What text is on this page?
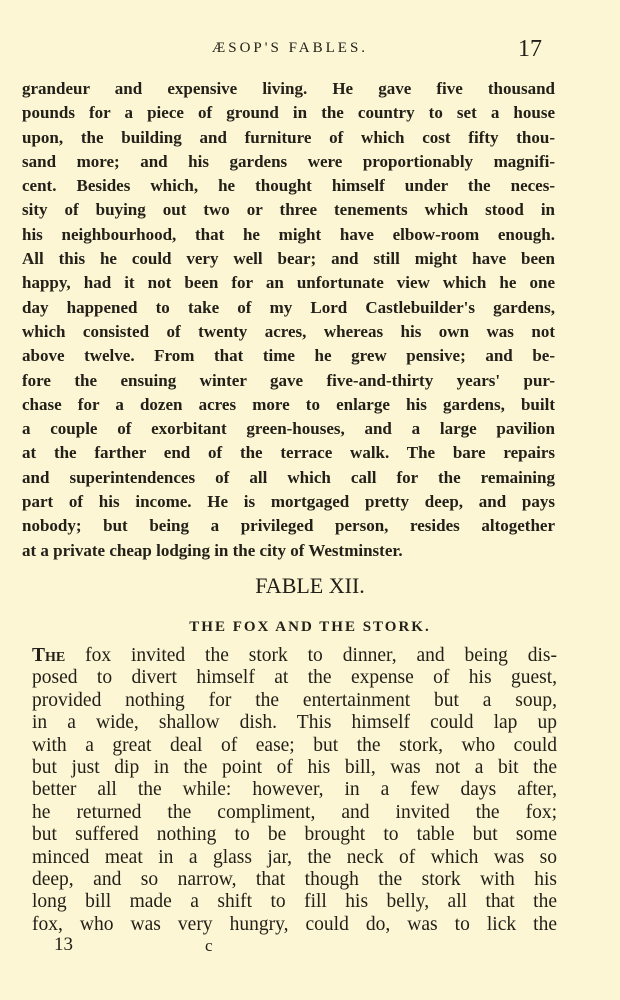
ÆSOP'S FABLES.	17
grandeur and expensive living. He gave five thousand
pounds for a piece of ground in the country to set a house
upon, the building and furniture of which cost fifty thou-
sand more; and his gardens were proportionably magnifi-
cent. Besides which, he thought himself under the neces-
sity of buying out two or three tenements which stood in
his neighbourhood, that he might have elbow-room enough.
All this he could very well bear; and still might have been
happy, had it not been for an unfortunate view which he one
day happened to take of my Lord Castlebuilder's gardens,
which consisted of twenty acres, whereas his own was not
above twelve. From that time he grew pensive; and be-
fore the ensuing winter gave five-and-thirty years' pur-
chase for a dozen acres more to enlarge his gardens, built
a couple of exorbitant green-houses, and a large pavilion
at the farther end of the terrace walk. The bare repairs
and superintendences of all which call for the remaining
part of his income. He is mortgaged pretty deep, and pays
nobody; but being a privileged person, resides altogether
at a private cheap lodging in the city of Westminster.
FABLE XII.
THE FOX AND THE STORK.
The fox invited the stork to dinner, and being dis-
posed to divert himself at the expense of his guest,
provided nothing for the entertainment but a soup,
in a wide, shallow dish. This himself could lap up
with a great deal of ease; but the stork, who could
but just dip in the point of his bill, was not a bit the
better all the while: however, in a few days after,
he returned the compliment, and invited the fox;
but suffered nothing to be brought to table but some
minced meat in a glass jar, the neck of which was so
deep, and so narrow, that though the stork with his
long bill made a shift to fill his belly, all that the
fox, who was very hungry, could do, was to lick the
13	c
